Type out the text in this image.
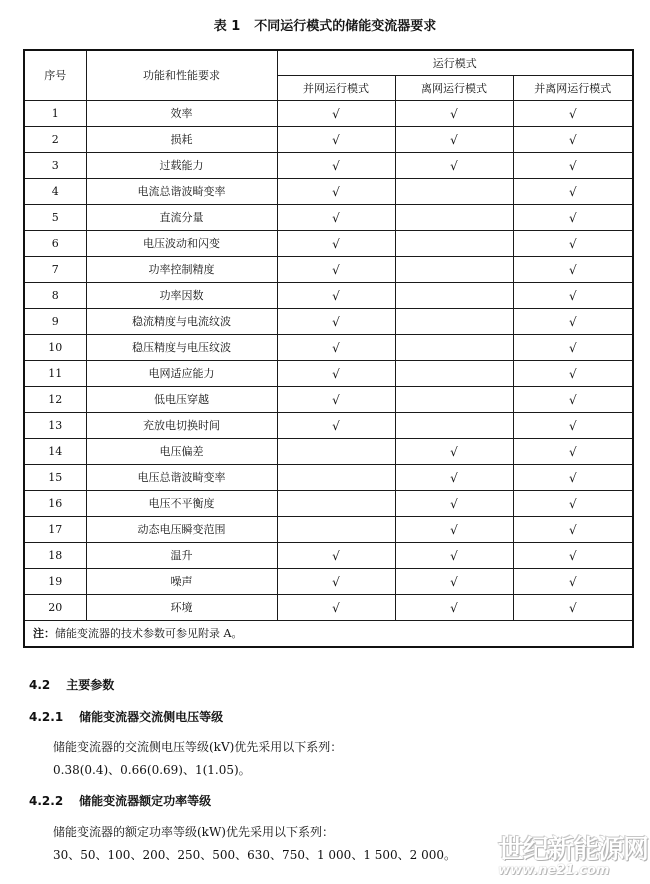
表 1 不同运行模式的储能变流器要求
序号	功能和性能要求	运行模式		
		并网运行模式	离网运行模式	并离网运行模式
1	效率	√	√	√
2	损耗	√	√	√
3	过载能力	√	√	√
4	电流总谐波畸变率	√		√
5	直流分量	√		√
6	电压波动和闪变	√		√
7	功率控制精度	√		√
8	功率因数	√		√
9	稳流精度与电流纹波	√		√
10	稳压精度与电压纹波	√		√
11	电网适应能力	√		√
12	低电压穿越	√		√
13	充放电切换时间	√		√
14	电压偏差		√	√
15	电压总谐波畸变率		√	√
16	电压不平衡度		√	√
17	动态电压瞬变范围		√	√
18	温升	√	√	√
19	噪声	√	√	√
20	环境	√	√	√
注：储能变流器的技术参数可参见附录 A。				
4.2 主要参数
4.2.1 储能变流器交流侧电压等级
储能变流器的交流侧电压等级(kV)优先采用以下系列：
0.38(0.4)、0.66(0.69)、1(1.05)。
4.2.2 储能变流器额定功率等级
储能变流器的额定功率等级(kW)优先采用以下系列：
30、50、100、200、250、500、630、750、1 000、1 500、2 000。 世纪新能源网
www.ne21.com
